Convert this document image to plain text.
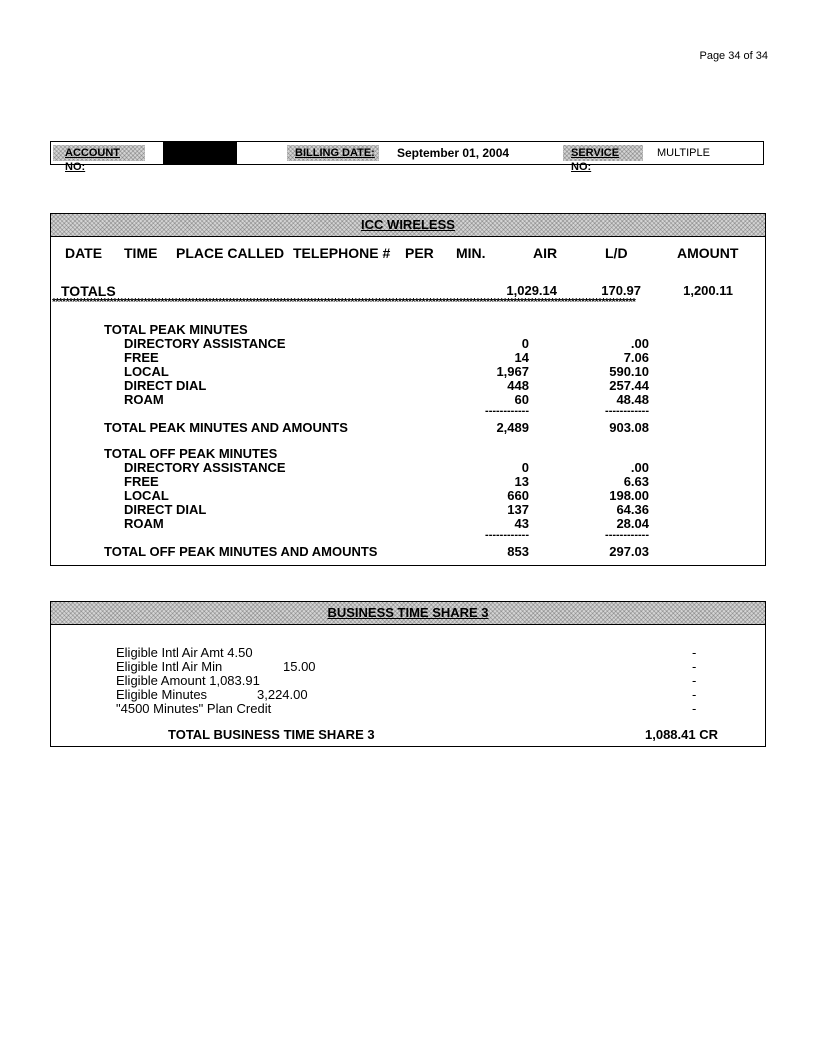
Page 34 of 34
ACCOUNT NO:
BILLING DATE:	September 01, 2004	SERVICE NO:
MULTIPLE
ICC WIRELESS
DATE TIME PLACE CALLED TELEPHONE # PER MIN.	AIR	L/D	AMOUNT
TOTALS	1,029.14	170.97	1,200.11
****************************************************************************************************************************************************************************
TOTAL PEAK MINUTES
DIRECTORY ASSISTANCE	0	.00
FREE	14	7.06
LOCAL	1,967	590.10
DIRECT DIAL	448	257.44
ROAM	60	48.48
------------	------------
TOTAL PEAK MINUTES AND AMOUNTS	2,489	903.08
TOTAL OFF PEAK MINUTES
DIRECTORY ASSISTANCE	0	.00
FREE	13	6.63
LOCAL	660	198.00
DIRECT DIAL	137	64.36
ROAM	43	28.04
------------	------------
TOTAL OFF PEAK MINUTES AND AMOUNTS	853	297.03
BUSINESS TIME SHARE 3
Eligible Intl Air Amt 4.50	-
Eligible Intl Air Min	15.00	-
Eligible Amount 1,083.91	-
Eligible Minutes	3,224.00	-
"4500 Minutes" Plan Credit	-
TOTAL BUSINESS TIME SHARE 3	1,088.41 CR
